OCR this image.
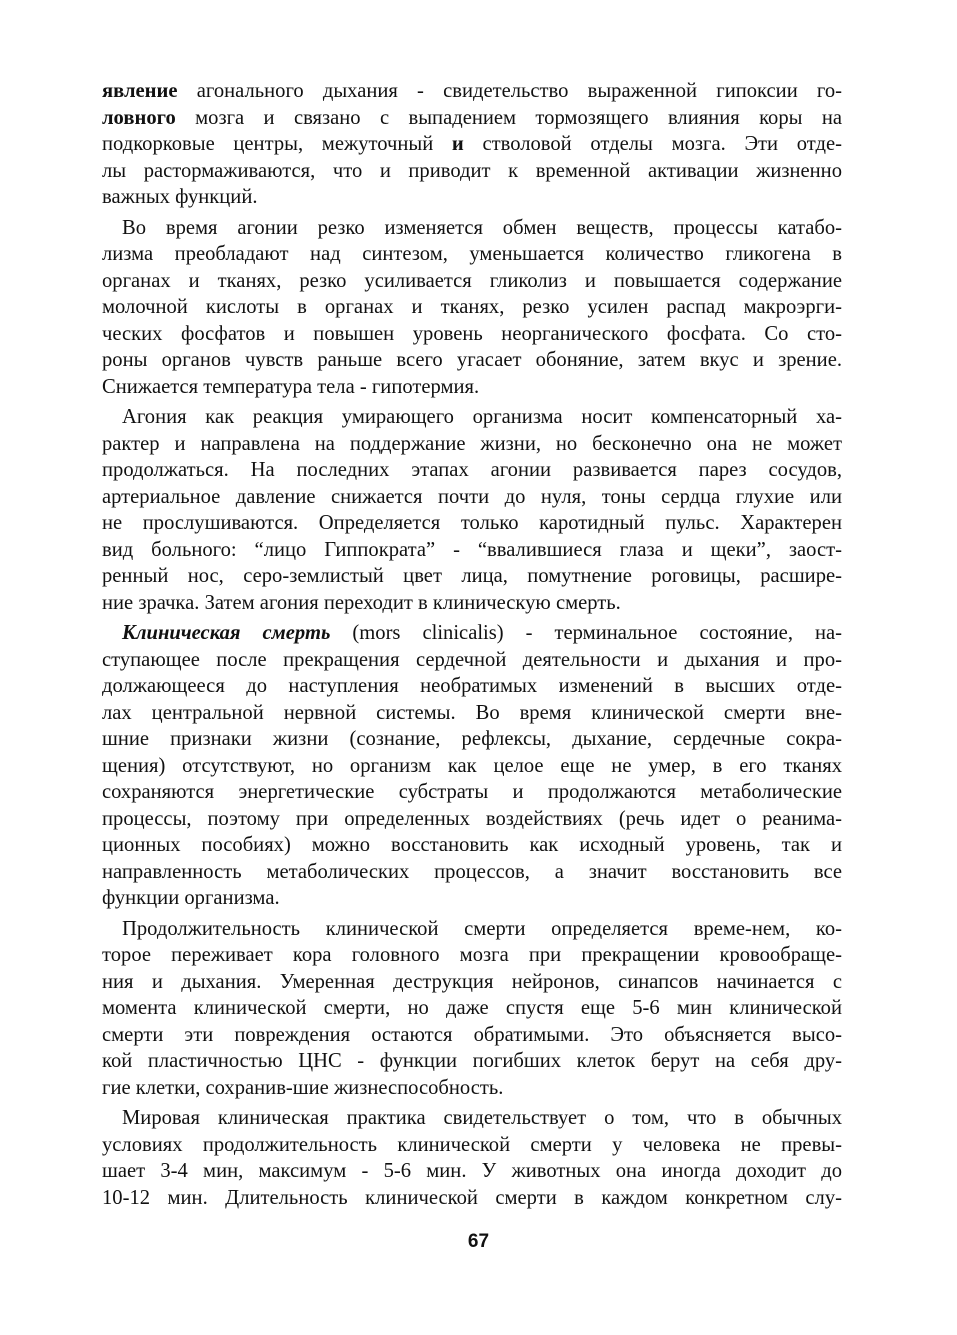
явление агонального дыхания - свидетельство выраженной гипоксии го-
ловного мозга и связано с выпадением тормозящего влияния коры на
подкорковые центры, межуточный и стволовой отделы мозга. Эти отде-
лы растормаживаются, что и приводит к временной активации жизненно
важных функций.
Во время агонии резко изменяется обмен веществ, процессы катабо-
лизма преобладают над синтезом, уменьшается количество гликогена в
органах и тканях, резко усиливается гликолиз и повышается содержание
молочной кислоты в органах и тканях, резко усилен распад макроэрги-
ческих фосфатов и повышен уровень неорганического фосфата. Со сто-
роны органов чувств раньше всего угасает обоняние, затем вкус и зрение.
Снижается температура тела - гипотермия.
Агония как реакция умирающего организма носит компенсаторный ха-
рактер и направлена на поддержание жизни, но бесконечно она не может
продолжаться. На последних этапах агонии развивается парез сосудов,
артериальное давление снижается почти до нуля, тоны сердца глухие или
не прослушиваются. Определяется только каротидный пульс. Характерен
вид больного: “лицо Гиппократа” - “ввалившиеся глаза и щеки”, заост-
ренный нос, серо-землистый цвет лица, помутнение роговицы, расшире-
ние зрачка. Затем агония переходит в клиническую смерть.
Клиническая смерть (mors clinicalis) - терминальное состояние, на-
ступающее после прекращения сердечной деятельности и дыхания и про-
должающееся до наступления необратимых изменений в высших отде-
лах центральной нервной системы. Во время клинической смерти вне-
шние признаки жизни (сознание, рефлексы, дыхание, сердечные сокра-
щения) отсутствуют, но организм как целое еще не умер, в его тканях
сохраняются энергетические субстраты и продолжаются метаболические
процессы, поэтому при определенных воздействиях (речь идет о реанима-
ционных пособиях) можно восстановить как исходный уровень, так и
направленность метаболических процессов, а значит восстановить все
функции организма.
Продолжительность клинической смерти определяется време-нем, ко-
торое переживает кора головного мозга при прекращении кровообраще-
ния и дыхания. Умеренная деструкция нейронов, синапсов начинается с
момента клинической смерти, но даже спустя еще 5-6 мин клинической
смерти эти повреждения остаются обратимыми. Это объясняется высо-
кой пластичностью ЦНС - функции погибших клеток берут на себя дру-
гие клетки, сохранив-шие жизнеспособность.
Мировая клиническая практика свидетельствует о том, что в обычных
условиях продолжительность клинической смерти у человека не превы-
шает 3-4 мин, максимум - 5-6 мин. У животных она иногда доходит до
10-12 мин. Длительность клинической смерти в каждом конкретном слу-
67
